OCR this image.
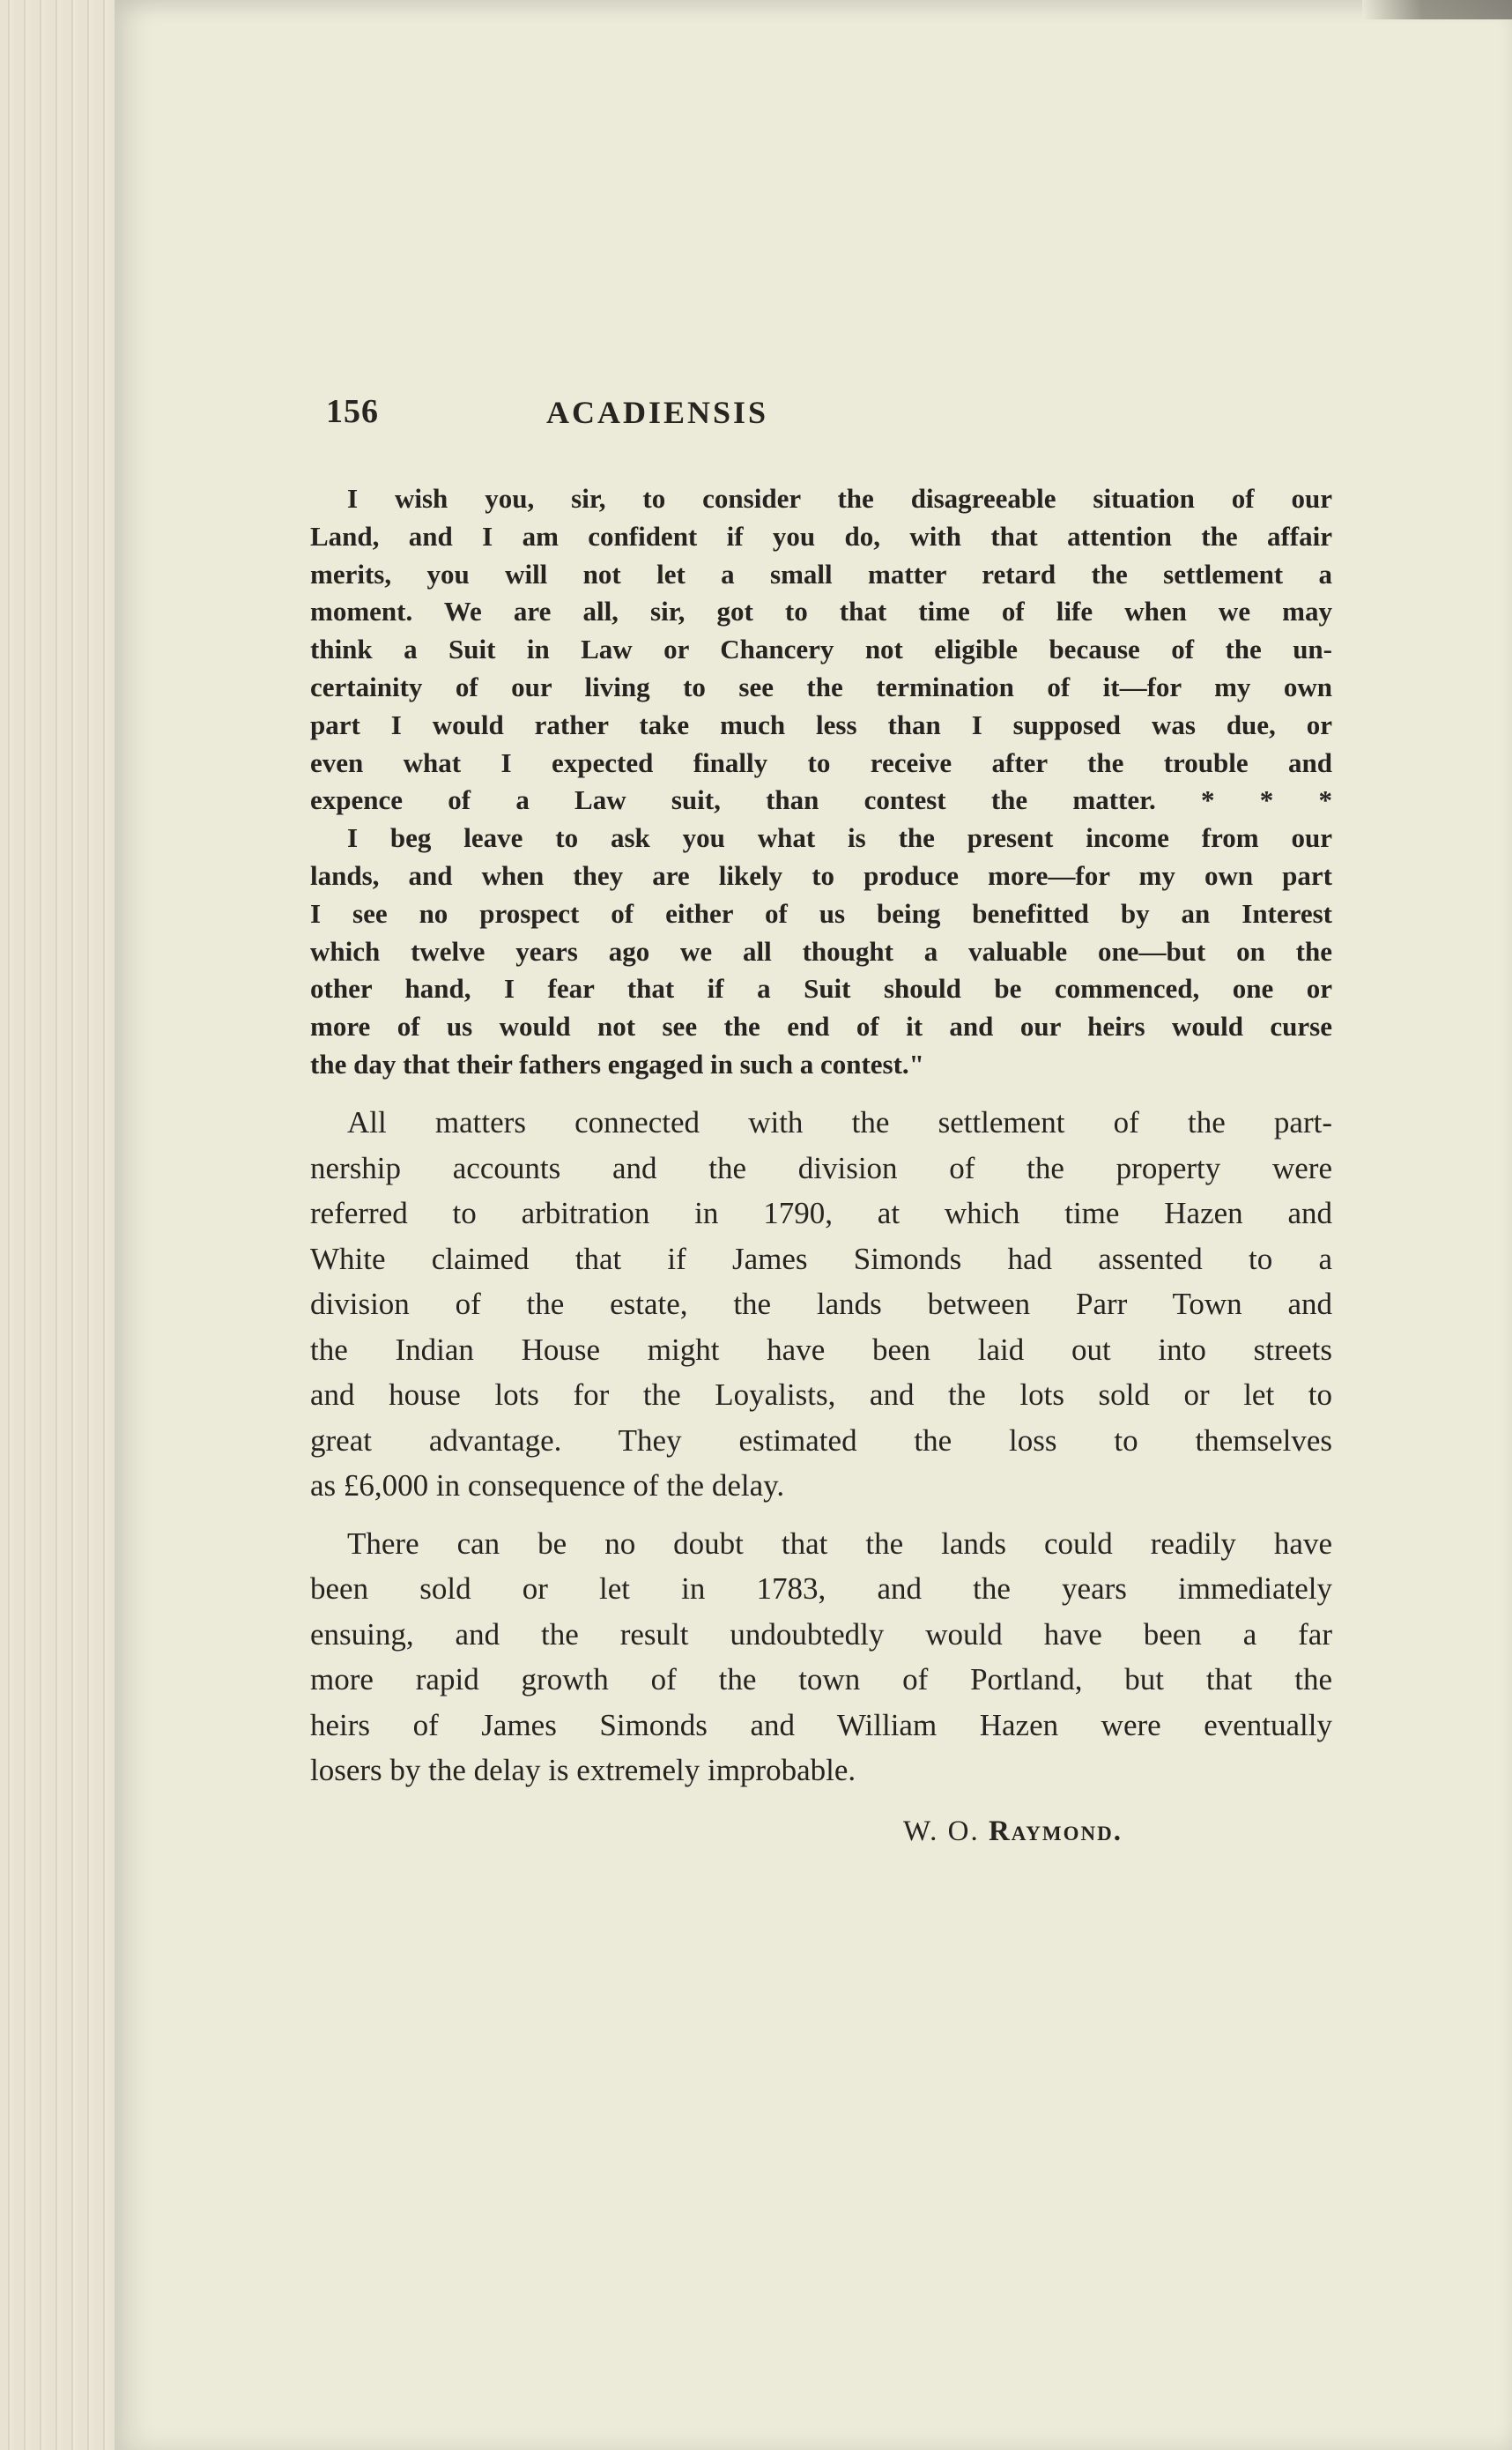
156	ACADIENSIS
I wish you, sir, to consider the disagreeable situation of our
Land, and I am confident if you do, with that attention the affair
merits, you will not let a small matter retard the settlement a
moment. We are all, sir, got to that time of life when we may
think a Suit in Law or Chancery not eligible because of the un-
certainity of our living to see the termination of it—for my own
part I would rather take much less than I supposed was due, or
even what I expected finally to receive after the trouble and
expence of a Law suit, than contest the matter. * * *
I beg leave to ask you what is the present income from our
lands, and when they are likely to produce more—for my own part
I see no prospect of either of us being benefitted by an Interest
which twelve years ago we all thought a valuable one—but on the
other hand, I fear that if a Suit should be commenced, one or
more of us would not see the end of it and our heirs would curse
the day that their fathers engaged in such a contest."
All matters connected with the settlement of the part-
nership accounts and the division of the property were
referred to arbitration in 1790, at which time Hazen and
White claimed that if James Simonds had assented to a
division of the estate, the lands between Parr Town and
the Indian House might have been laid out into streets
and house lots for the Loyalists, and the lots sold or let to
great advantage. They estimated the loss to themselves
as £6,000 in consequence of the delay.
There can be no doubt that the lands could readily have
been sold or let in 1783, and the years immediately
ensuing, and the result undoubtedly would have been a far
more rapid growth of the town of Portland, but that the
heirs of James Simonds and William Hazen were eventually
losers by the delay is extremely improbable.
W. O. Raymond.
